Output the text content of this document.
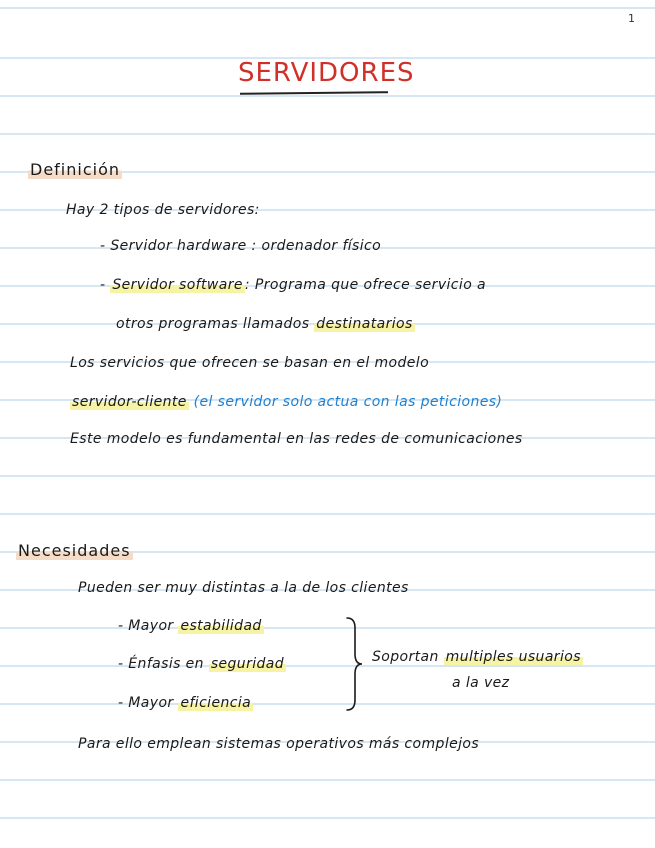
1
SERVIDORES
Definición
Hay 2 tipos de servidores:
- Servidor hardware : ordenador físico
- Servidor software : Programa que ofrece servicio a
otros programas llamados destinatarios
Los servicios que ofrecen se basan en el modelo
servidor-cliente (el servidor solo actua con las peticiones)
Este modelo es fundamental en las redes de comunicaciones
Necesidades
Pueden ser muy distintas a la de los clientes
- Mayor estabilidad
- Énfasis en seguridad
- Mayor eficiencia
Soportan multiples usuarios
a la vez
Para ello emplean sistemas operativos más complejos
